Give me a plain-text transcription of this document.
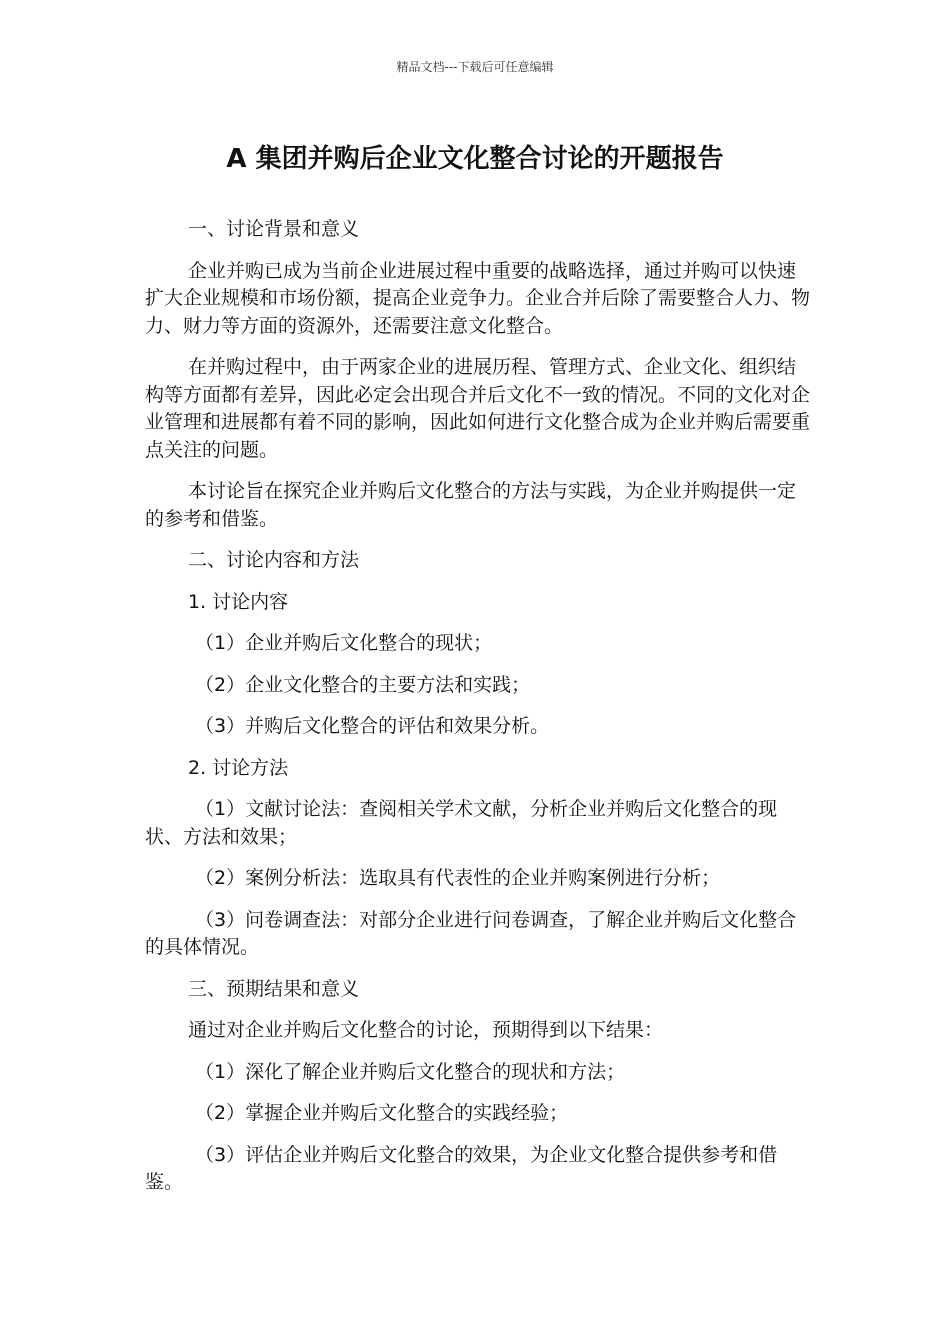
精品文档---下载后可任意编辑
A 集团并购后企业文化整合讨论的开题报告

一、讨论背景和意义

企业并购已成为当前企业进展过程中重要的战略选择，通过并购可以快速扩大企业规模和市场份额，提高企业竞争力。企业合并后除了需要整合人力、物力、财力等方面的资源外，还需要注意文化整合。

在并购过程中，由于两家企业的进展历程、管理方式、企业文化、组织结构等方面都有差异，因此必定会出现合并后文化不一致的情况。不同的文化对企业管理和进展都有着不同的影响，因此如何进行文化整合成为企业并购后需要重点关注的问题。

本讨论旨在探究企业并购后文化整合的方法与实践，为企业并购提供一定的参考和借鉴。

二、讨论内容和方法

1. 讨论内容

（1）企业并购后文化整合的现状；

（2）企业文化整合的主要方法和实践；

（3）并购后文化整合的评估和效果分析。

2. 讨论方法

（1）文献讨论法：查阅相关学术文献，分析企业并购后文化整合的现状、方法和效果；

（2）案例分析法：选取具有代表性的企业并购案例进行分析；

（3）问卷调查法：对部分企业进行问卷调查，了解企业并购后文化整合的具体情况。

三、预期结果和意义

通过对企业并购后文化整合的讨论，预期得到以下结果：

（1）深化了解企业并购后文化整合的现状和方法；

（2）掌握企业并购后文化整合的实践经验；

（3）评估企业并购后文化整合的效果，为企业文化整合提供参考和借鉴。
